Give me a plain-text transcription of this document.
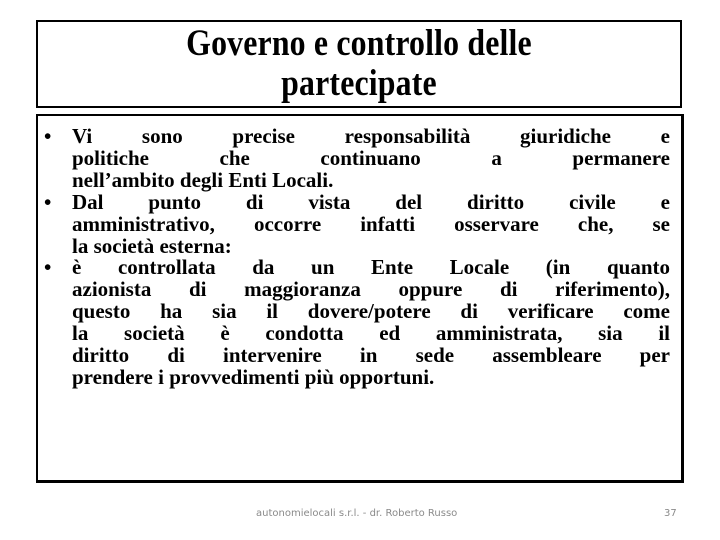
Governo e controllo delle
partecipate
• Vi sono precise responsabilità giuridiche e
politiche che continuano a permanere
nell’ambito degli Enti Locali.
• Dal punto di vista del diritto civile e
amministrativo, occorre infatti osservare che, se
la società esterna:
• è controllata da un Ente Locale (in quanto
azionista di maggioranza oppure di riferimento),
questo ha sia il dovere/potere di verificare come
la società è condotta ed amministrata, sia il
diritto di intervenire in sede assembleare per
prendere i provvedimenti più opportuni.
autonomielocali s.r.l. - dr. Roberto Russo	37
